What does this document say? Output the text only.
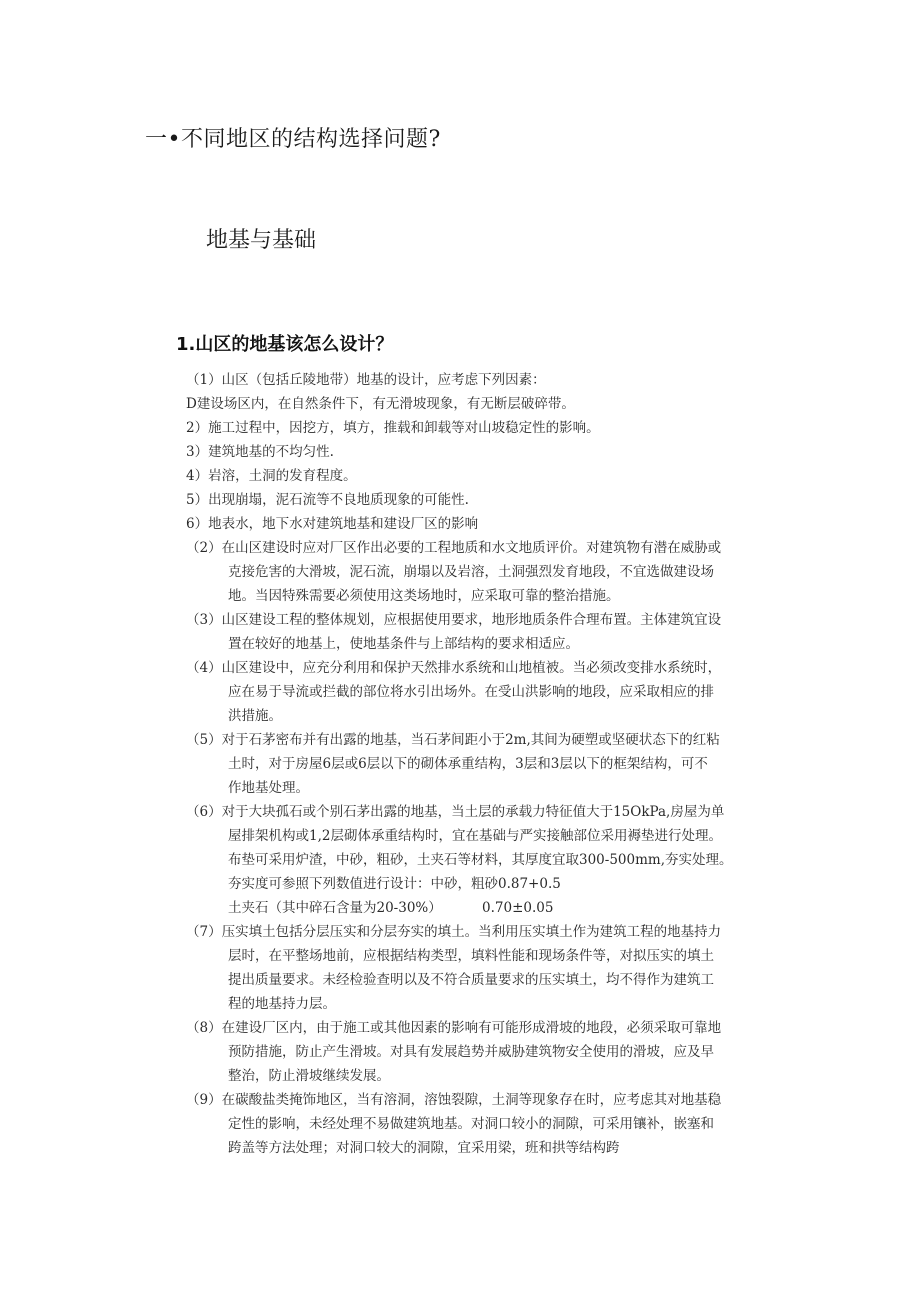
一•不同地区的结构选择问题?
地基与基础
1.山区的地基该怎么设计？
（1）山区（包括丘陵地带）地基的设计，应考虑下列因素：
D建设场区内，在自然条件下，有无滑坡现象，有无断层破碎带。
2）施工过程中，因挖方，填方，推载和卸载等对山坡稳定性的影响。
3）建筑地基的不均匀性.
4）岩溶，土洞的发育程度。
5）出现崩塌，泥石流等不良地质现象的可能性.
6）地表水，地下水对建筑地基和建设厂区的影响
（2）在山区建设时应对厂区作出必要的工程地质和水文地质评价。对建筑物有潜在威胁或
克接危害的大滑坡，泥石流，崩塌以及岩溶，土洞强烈发育地段，不宜选做建设场
地。当因特殊需要必须使用这类场地时，应采取可靠的整治措施。
（3）山区建设工程的整体规划，应根据使用要求，地形地质条件合理布置。主体建筑宜设
置在较好的地基上，使地基条件与上部结构的要求相适应。
（4）山区建设中，应充分利用和保护天然排水系统和山地植被。当必须改变排水系统时，
应在易于导流或拦截的部位将水引出场外。在受山洪影响的地段，应采取相应的排
洪措施。
（5）对于石茅密布并有出露的地基，当石茅间距小于2m,其间为硬塑或坚硬状态下的红粘
土时，对于房屋6层或6层以下的砌体承重结构，3层和3层以下的框架结构，可不
作地基处理。
（6）对于大块孤石或个别石茅出露的地基，当土层的承载力特征值大于15OkPa,房屋为单
屋排架机构或1,2层砌体承重结构时，宜在基础与严实接触部位采用褥垫进行处理。
布垫可采用炉渣，中砂，粗砂，土夹石等材料，其厚度宜取300-500mm,夯实处理。
夯实度可参照下列数值进行设计：中砂，粗砂0.87+0.5
土夹石（其中碎石含量为20-30%）	0.70±0.05
（7）压实填土包括分层压实和分层夯实的填土。当利用压实填土作为建筑工程的地基持力
层时，在平整场地前，应根据结构类型，填料性能和现场条件等，对拟压实的填土
提出质量要求。未经检验查明以及不符合质量要求的压实填土，均不得作为建筑工
程的地基持力层。
（8）在建设厂区内，由于施工或其他因素的影响有可能形成滑坡的地段，必须采取可靠地
预防措施，防止产生滑坡。对具有发展趋势并威胁建筑物安全使用的滑坡，应及早
整治，防止滑坡继续发展。
（9）在碳酸盐类掩饰地区，当有溶洞，溶蚀裂隙，土洞等现象存在时，应考虑其对地基稳
定性的影响，未经处理不易做建筑地基。对洞口较小的洞隙，可采用镶补，嵌塞和
跨盖等方法处理；对洞口较大的洞隙，宜采用梁，班和拱等结构跨
